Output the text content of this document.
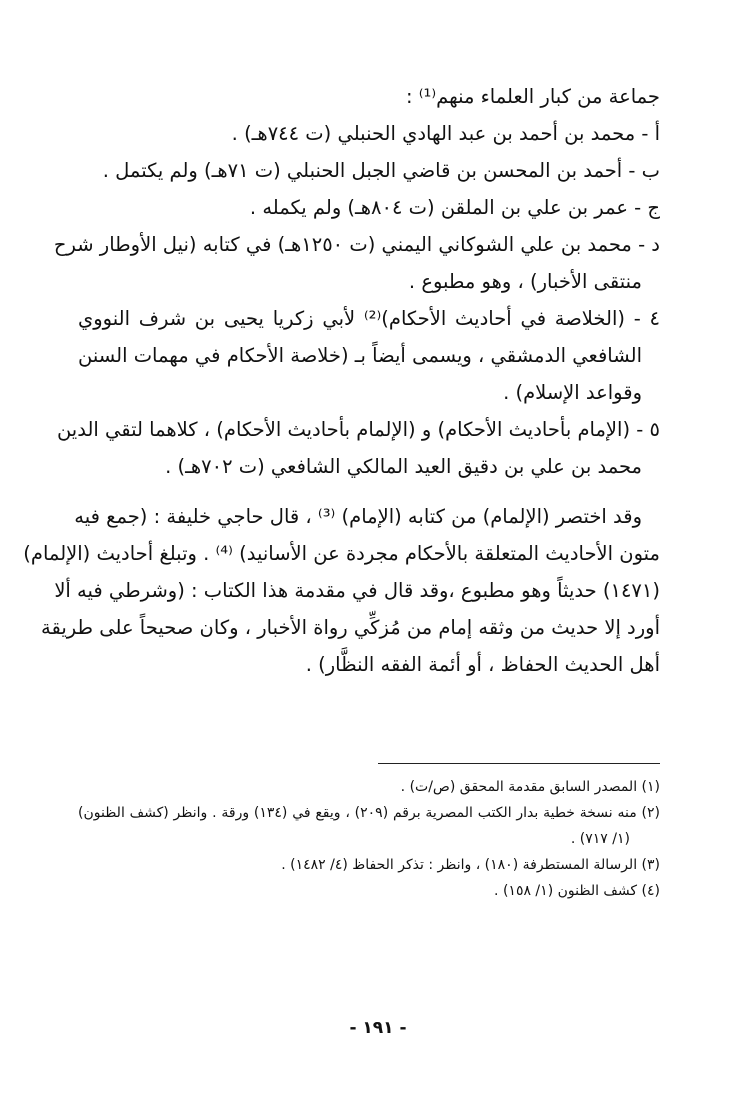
جماعة من كبار العلماء منهم⁽¹⁾ :
أ - محمد بن أحمد بن عبد الهادي الحنبلي (ت ٧٤٤هـ) .
ب - أحمد بن المحسن بن قاضي الجبل الحنبلي (ت ٧١هـ) ولم يكتمل .
ج - عمر بن علي بن الملقن (ت ٨٠٤هـ) ولم يكمله .
د - محمد بن علي الشوكاني اليمني (ت ١٢٥٠هـ) في كتابه (نيل الأوطار شرح
منتقى الأخبار) ، وهو مطبوع .
٤ - (الخلاصة في أحاديث الأحكام)⁽²⁾ لأبي زكريا يحيى بن شرف النووي
الشافعي الدمشقي ، ويسمى أيضاً بـ (خلاصة الأحكام في مهمات السنن
وقواعد الإسلام) .
٥ - (الإمام بأحاديث الأحكام) و (الإلمام بأحاديث الأحكام) ، كلاهما لتقي الدين
محمد بن علي بن دقيق العيد المالكي الشافعي (ت ٧٠٢هـ) .
وقد اختصر (الإلمام) من كتابه (الإمام) ⁽³⁾ ، قال حاجي خليفة : (جمع فيه
متون الأحاديث المتعلقة بالأحكام مجردة عن الأسانيد) ⁽⁴⁾ . وتبلغ أحاديث (الإلمام)
(١٤٧١) حديثاً وهو مطبوع ،وقد قال في مقدمة هذا الكتاب : (وشرطي فيه ألا
أورد إلا حديث من وثقه إمام من مُزكِّي رواة الأخبار ، وكان صحيحاً على طريقة
أهل الحديث الحفاظ ، أو أئمة الفقه النظَّار) .
(١) المصدر السابق مقدمة المحقق (ص/ت) .
(٢) منه نسخة خطية بدار الكتب المصرية برقم (٢٠٩) ، ويقع في (١٣٤) ورقة . وانظر (كشف الظنون)
(١/ ٧١٧) .
(٣) الرسالة المستطرفة (١٨٠) ، وانظر : تذكر الحفاظ (٤/ ١٤٨٢) .
(٤) كشف الظنون (١/ ١٥٨) .
- ١٩١ -
